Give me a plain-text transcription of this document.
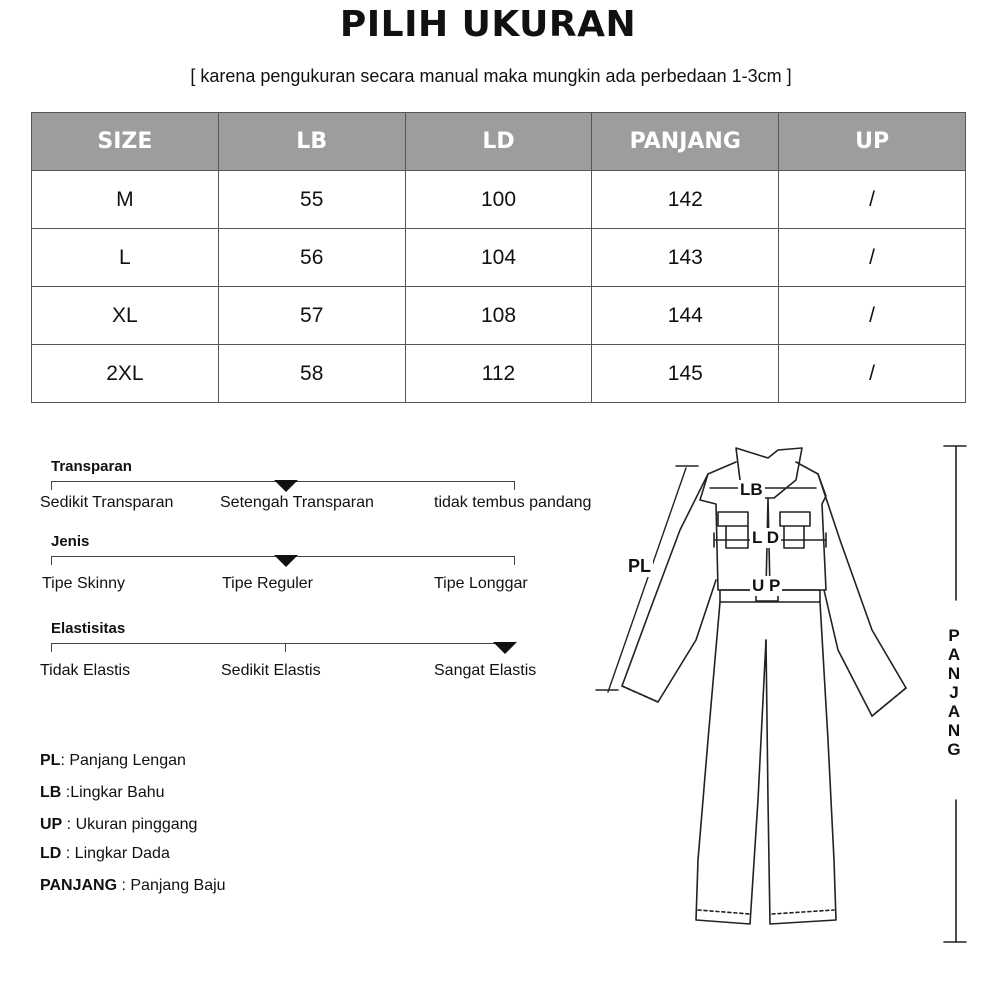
PILIH UKURAN
[ karena pengukuran secara manual maka mungkin ada perbedaan 1-3cm ]
SIZE	LB	LD	PANJANG	UP
M	55	100	142	/
L	56	104	143	/
XL	57	108	144	/
2XL	58	112	145	/
Transparan
Sedikit Transparan	Setengah Transparan	tidak tembus pandang
Jenis
Tipe Skinny	Tipe Reguler	Tipe Longgar
Elastisitas
Tidak Elastis	Sedikit Elastis	Sangat Elastis
PL: Panjang Lengan
LB :Lingkar Bahu
UP : Ukuran pinggang
LD : Lingkar Dada
PANJANG : Panjang Baju
LB
L D
U P
PL
P A N J A N G
